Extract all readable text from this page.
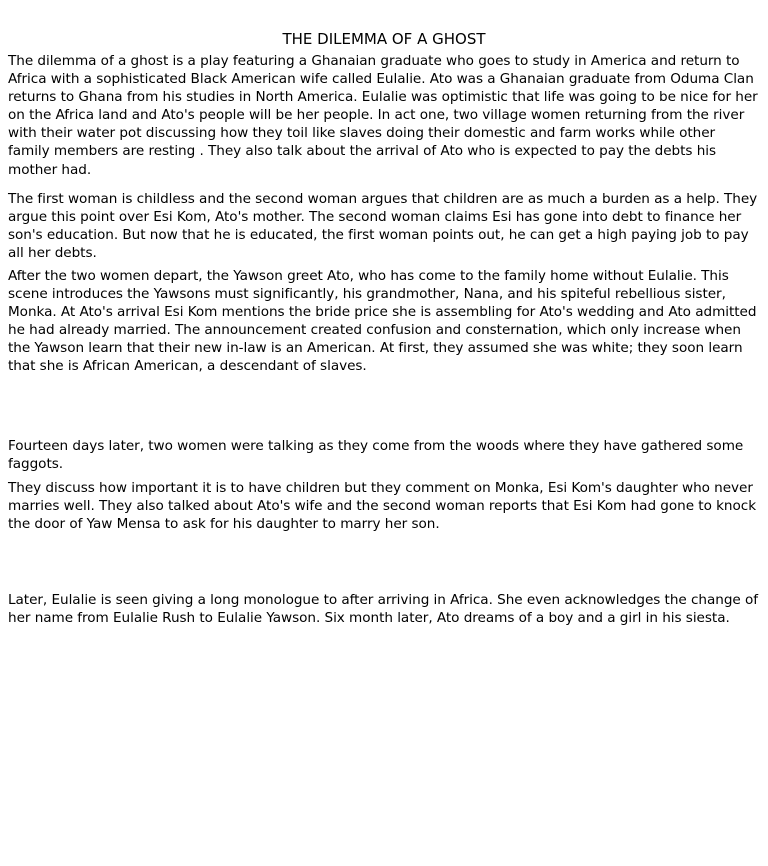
THE DILEMMA OF A GHOST

The dilemma of a ghost is a play featuring a Ghanaian graduate who goes to study in America and return to Africa with a sophisticated Black American wife called Eulalie. Ato was a Ghanaian graduate from Oduma Clan returns to Ghana from his studies in North America. Eulalie was optimistic that life was going to be nice for her on the Africa land and Ato's people will be her people. In act one, two village women returning from the river with their water pot discussing how they toil like slaves doing their domestic and farm works while other family members are resting . They also talk about the arrival of Ato who is expected to pay the debts his mother had.

The first woman is childless and the second woman argues that children are as much a burden as a help. They argue this point over Esi Kom, Ato's mother. The second woman claims Esi has gone into debt to finance her son's education. But now that he is educated, the first woman points out, he can get a high paying job to pay all her debts.

After the two women depart, the Yawson greet Ato, who has come to the family home without Eulalie. This scene introduces the Yawsons must significantly, his grandmother, Nana, and his spiteful rebellious sister, Monka. At Ato's arrival Esi Kom mentions the bride price she is assembling for Ato's wedding and Ato admitted he had already married. The announcement created confusion and consternation, which only increase when the Yawson learn that their new in-law is an American. At first, they assumed she was white; they soon learn that she is African American, a descendant of slaves.

Fourteen days later, two women were talking as they come from the woods where they have gathered some faggots.

They discuss how important it is to have children but they comment on Monka, Esi Kom's daughter who never marries well. They also talked about Ato's wife and the second woman reports that Esi Kom had gone to knock the door of Yaw Mensa to ask for his daughter to marry her son.

Later, Eulalie is seen giving a long monologue to after arriving in Africa. She even acknowledges the change of her name from Eulalie Rush to Eulalie Yawson. Six month later, Ato dreams of a boy and a girl in his siesta.
